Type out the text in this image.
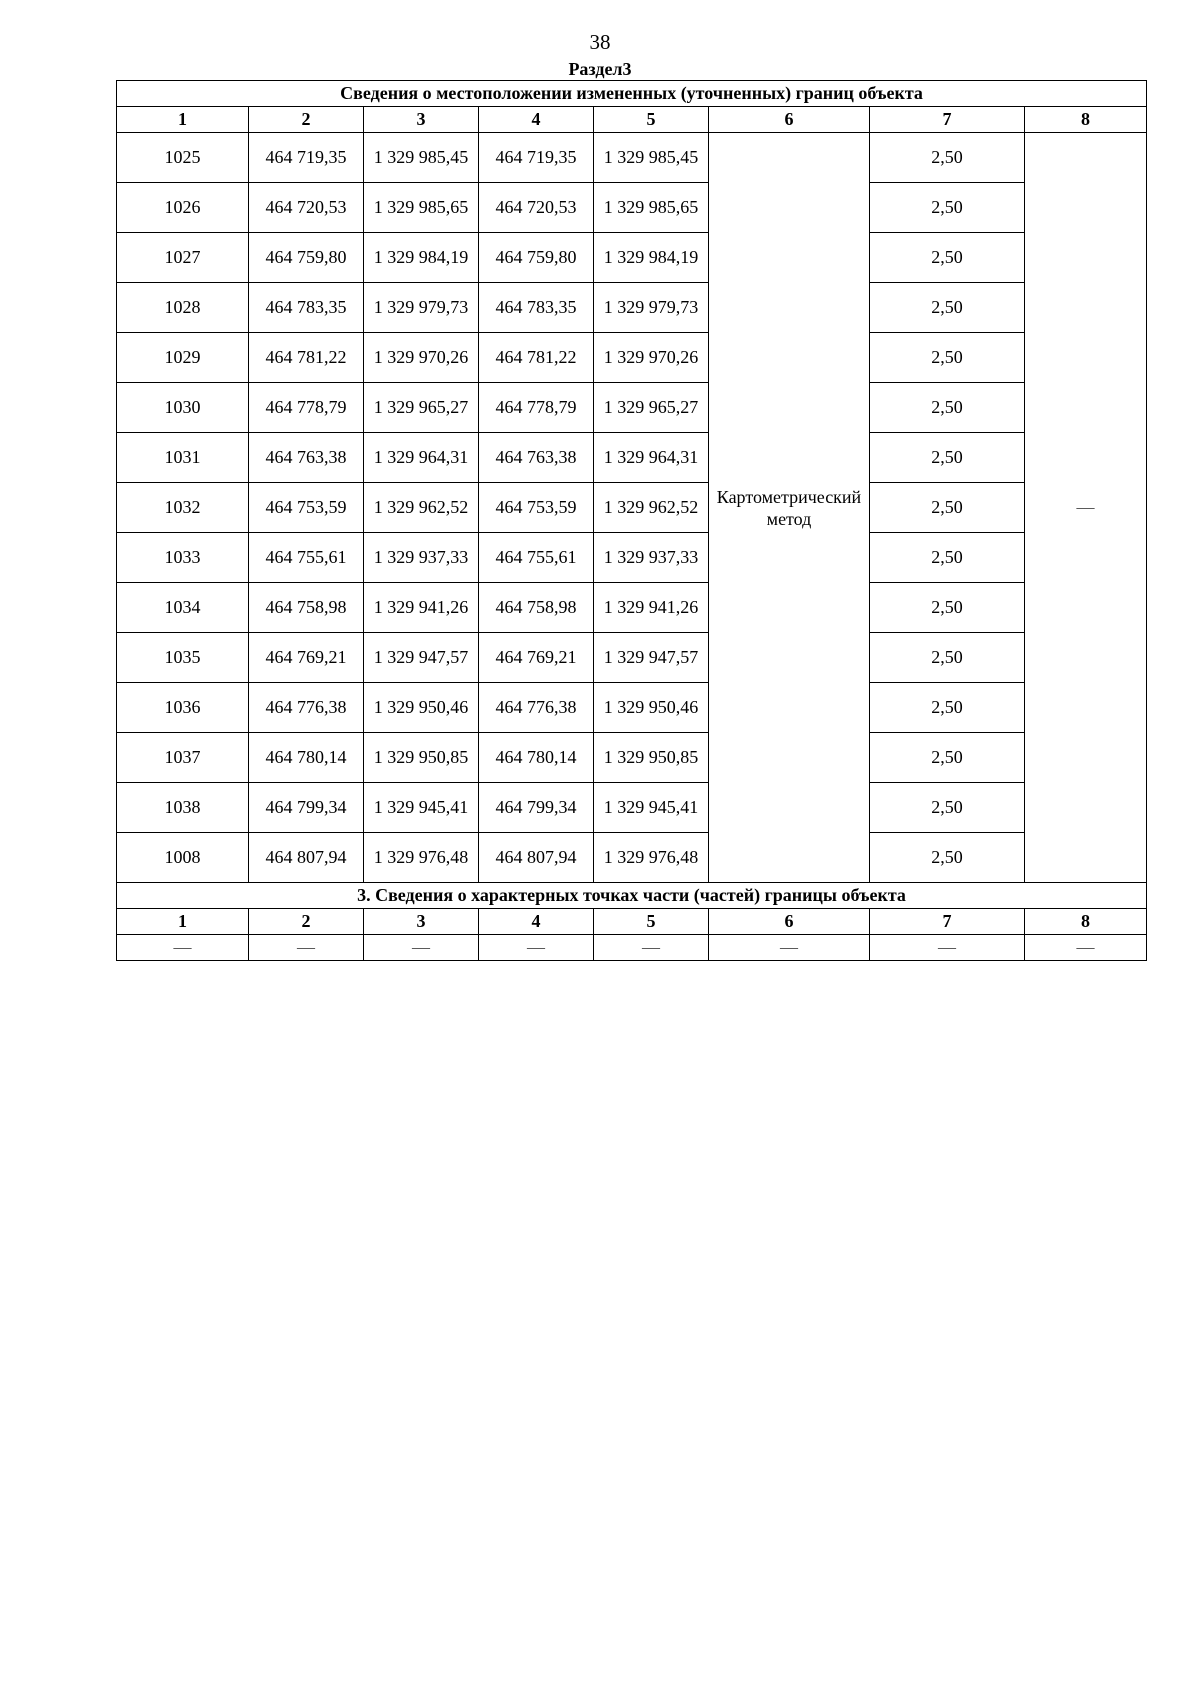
38
Раздел3
Сведения о местоположении измененных (уточненных) границ объекта							
1	2	3	4	5	6	7	8
1025	464 719,35	1 329 985,45	464 719,35	1 329 985,45	Картометрический метод	2,50	—
1026	464 720,53	1 329 985,65	464 720,53	1 329 985,65		2,50	
1027	464 759,80	1 329 984,19	464 759,80	1 329 984,19		2,50	
1028	464 783,35	1 329 979,73	464 783,35	1 329 979,73		2,50	
1029	464 781,22	1 329 970,26	464 781,22	1 329 970,26		2,50	
1030	464 778,79	1 329 965,27	464 778,79	1 329 965,27		2,50	
1031	464 763,38	1 329 964,31	464 763,38	1 329 964,31		2,50	
1032	464 753,59	1 329 962,52	464 753,59	1 329 962,52		2,50	
1033	464 755,61	1 329 937,33	464 755,61	1 329 937,33		2,50	
1034	464 758,98	1 329 941,26	464 758,98	1 329 941,26		2,50	
1035	464 769,21	1 329 947,57	464 769,21	1 329 947,57		2,50	
1036	464 776,38	1 329 950,46	464 776,38	1 329 950,46		2,50	
1037	464 780,14	1 329 950,85	464 780,14	1 329 950,85		2,50	
1038	464 799,34	1 329 945,41	464 799,34	1 329 945,41		2,50	
1008	464 807,94	1 329 976,48	464 807,94	1 329 976,48		2,50	
3. Сведения о характерных точках части (частей) границы объекта							
1	2	3	4	5	6	7	8
—	—	—	—	—	—	—	—
